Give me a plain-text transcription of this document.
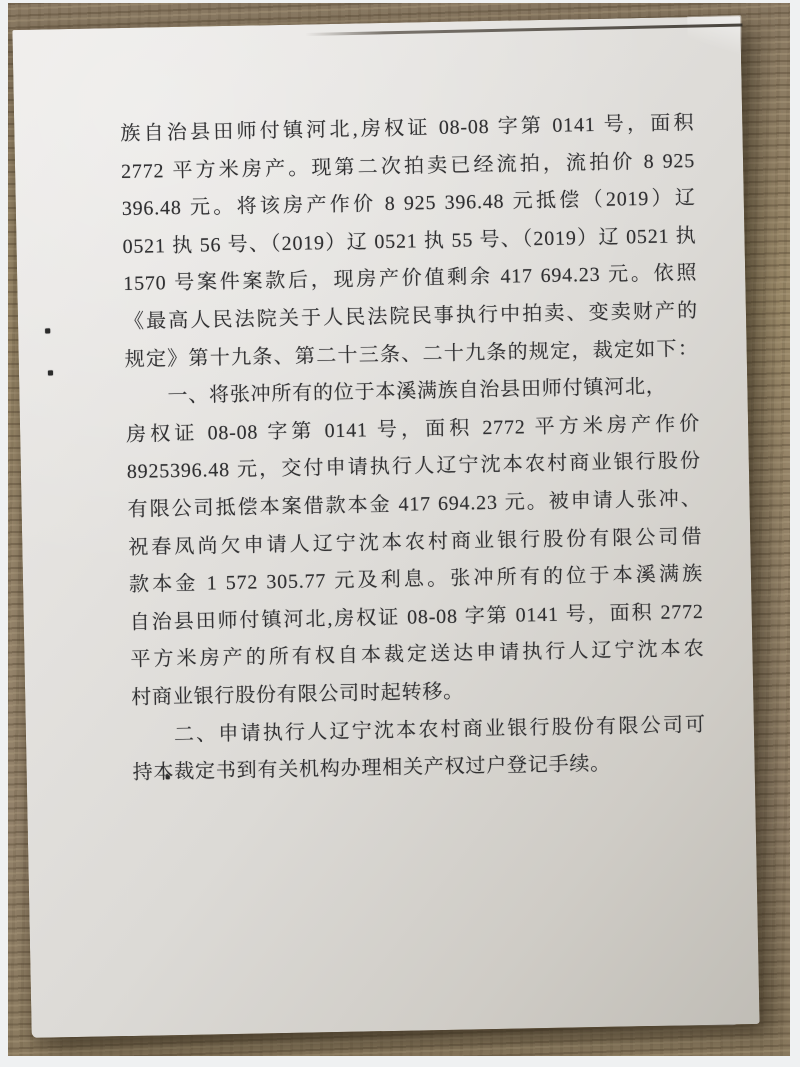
族自治县田师付镇河北,房权证 08-08 字第 0141 号，面积
2772 平方米房产。现第二次拍卖已经流拍，流拍价 8 925
396.48 元。将该房产作价 8 925 396.48 元抵偿（2019）辽
0521 执 56 号、（2019）辽 0521 执 55 号、（2019）辽 0521 执
1570 号案件案款后，现房产价值剩余 417 694.23 元。依照
《最高人民法院关于人民法院民事执行中拍卖、变卖财产的
规定》第十九条、第二十三条、二十九条的规定，裁定如下：
一、将张冲所有的位于本溪满族自治县田师付镇河北，
房权证 08-08 字第 0141 号，面积 2772 平方米房产作价
8925396.48 元，交付申请执行人辽宁沈本农村商业银行股份
有限公司抵偿本案借款本金 417 694.23 元。被申请人张冲、
祝春凤尚欠申请人辽宁沈本农村商业银行股份有限公司借
款本金 1 572 305.77 元及利息。张冲所有的位于本溪满族
自治县田师付镇河北,房权证 08-08 字第 0141 号，面积 2772
平方米房产的所有权自本裁定送达申请执行人辽宁沈本农
村商业银行股份有限公司时起转移。
二、申请执行人辽宁沈本农村商业银行股份有限公司可
持本裁定书到有关机构办理相关产权过户登记手续。
